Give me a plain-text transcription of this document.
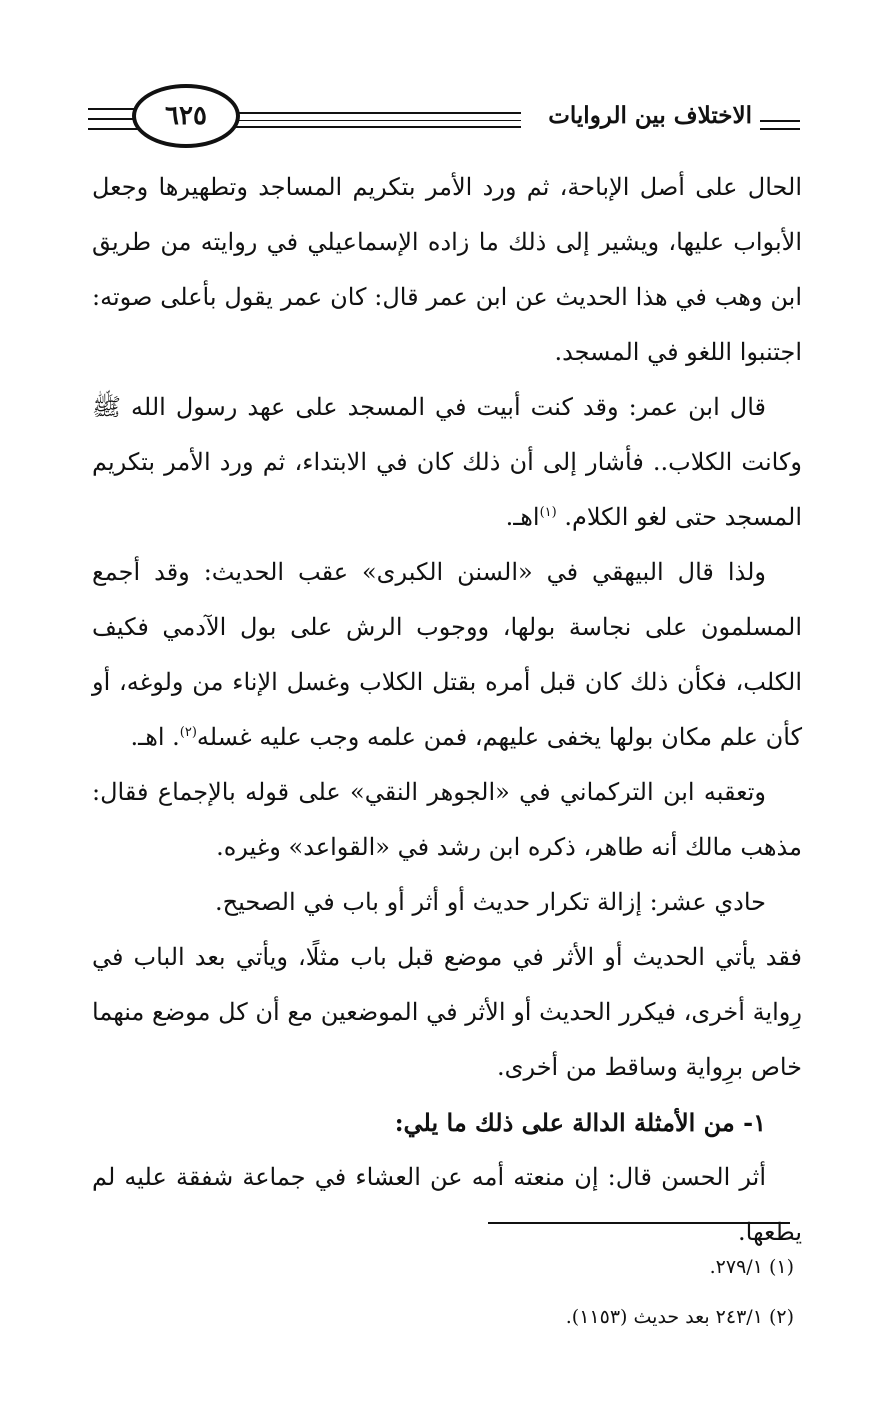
٦٢٥	الاختلاف بين الروايات

الحال على أصل الإباحة، ثم ورد الأمر بتكريم المساجد وتطهيرها وجعل الأبواب عليها، ويشير إلى ذلك ما زاده الإسماعيلي في روايته من طريق ابن وهب في هذا الحديث عن ابن عمر قال: كان عمر يقول بأعلى صوته: اجتنبوا اللغو في المسجد.

قال ابن عمر: وقد كنت أبيت في المسجد على عهد رسول الله ﷺ وكانت الكلاب.. فأشار إلى أن ذلك كان في الابتداء، ثم ورد الأمر بتكريم المسجد حتى لغو الكلام. $^{(١)}$اهـ.

ولذا قال البيهقي في «السنن الكبرى» عقب الحديث: وقد أجمع المسلمون على نجاسة بولها، ووجوب الرش على بول الآدمي فكيف الكلب، فكأن ذلك كان قبل أمره بقتل الكلاب وغسل الإناء من ولوغه، أو كأن علم مكان بولها يخفى عليهم، فمن علمه وجب عليه غسله$^{(٢)}$. اهـ.

وتعقبه ابن التركماني في «الجوهر النقي» على قوله بالإجماع فقال: مذهب مالك أنه طاهر، ذكره ابن رشد في «القواعد» وغيره.

حادي عشر: إزالة تكرار حديث أو أثر أو باب في الصحيح.

فقد يأتي الحديث أو الأثر في موضع قبل باب مثلًا، ويأتي بعد الباب في رِواية أخرى، فيكرر الحديث أو الأثر في الموضعين مع أن كل موضع منهما خاص برِواية وساقط من أخرى.

١- من الأمثلة الدالة على ذلك ما يلي:

أثر الحسن قال: إن منعته أمه عن العشاء في جماعة شفقة عليه لم يطعها.

(١) ٢٧٩/١.

(٢) ٢٤٣/١ بعد حديث (١١٥٣).
